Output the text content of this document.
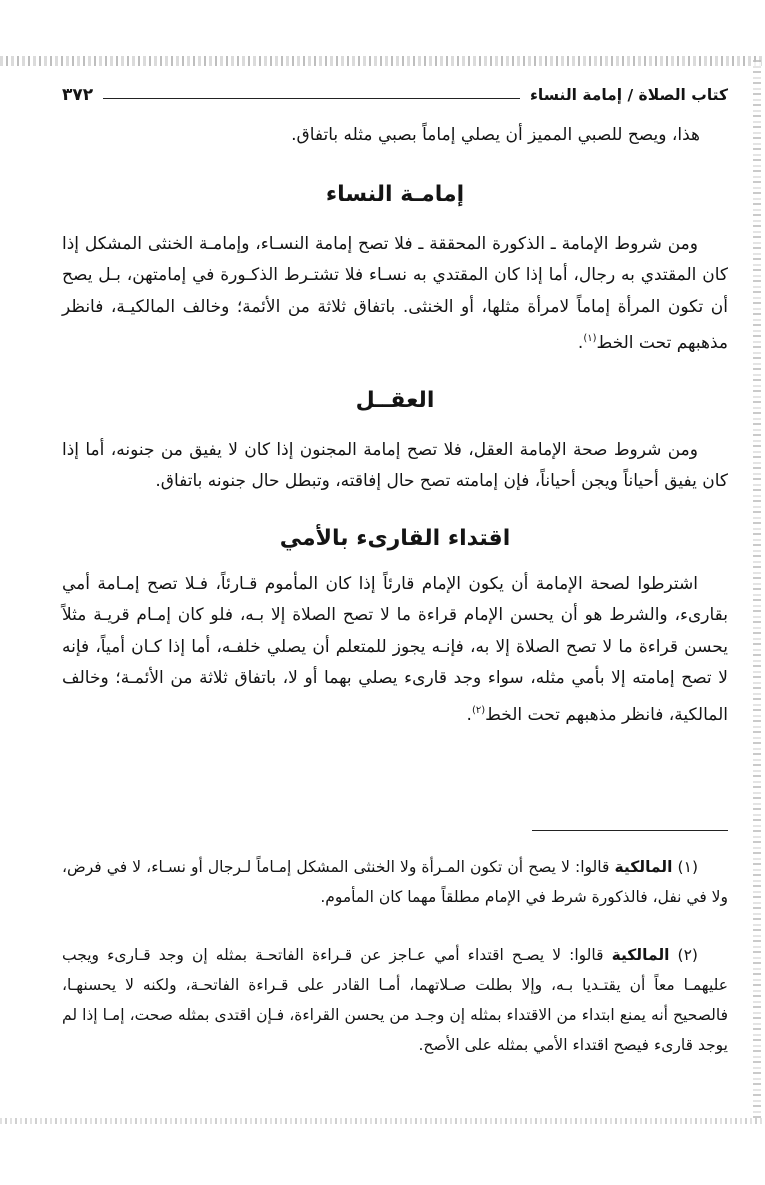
كتاب الصلاة / إمامة النساء
٣٧٢

هذا، ويصح للصبي المميز أن يصلي إماماً بصبي مثله باتفاق.

إمامـة النساء

ومن شروط الإمامة ـ الذكورة المحققة ـ فلا تصح إمامة النسـاء، وإمامـة الخنثى المشكل إذا كان المقتدي به رجال، أما إذا كان المقتدي به نسـاء فلا تشتـرط الذكـورة في إمامتهن، بـل يصح أن تكون المرأة إماماً لامرأة مثلها، أو الخنثى. باتفاق ثلاثة من الأئمة؛ وخالف المالكيـة، فانظر مذهبهم تحت الخط$^{(١)}$.

العقــل

ومن شروط صحة الإمامة العقل، فلا تصح إمامة المجنون إذا كان لا يفيق من جنونه، أما إذا كان يفيق أحياناً ويجن أحياناً، فإن إمامته تصح حال إفاقته، وتبطل حال جنونه باتفاق.

اقتداء القارىء بالأمي

اشترطوا لصحة الإمامة أن يكون الإمام قارئاً إذا كان المأموم قـارئاً، فـلا تصح إمـامة أمي بقارىء، والشرط هو أن يحسن الإمام قراءة ما لا تصح الصلاة إلا بـه، فلو كان إمـام قريـة مثلاً يحسن قراءة ما لا تصح الصلاة إلا به، فإنـه يجوز للمتعلم أن يصلي خلفـه، أما إذا كـان أمياً، فإنه لا تصح إمامته إلا بأمي مثله، سواء وجد قارىء يصلي بهما أو لا، باتفاق ثلاثة من الأئمـة؛ وخالف المالكية، فانظر مذهبهم تحت الخط$^{(٢)}$.

(١) المالكية قالوا: لا يصح أن تكون المـرأة ولا الخنثى المشكل إمـاماً لـرجال أو نسـاء، لا في فرض، ولا في نفل، فالذكورة شرط في الإمام مطلقاً مهما كان المأموم.

(٢) المالكية قالوا: لا يصـح اقتداء أمي عـاجز عن قـراءة الفاتحـة بمثله إن وجد قـارىء ويجب عليهمـا معاً أن يقتـديا بـه، وإلا بطلت صـلاتهما، أمـا القادر على قـراءة الفاتحـة، ولكنه لا يحسنهـا، فالصحيح أنه يمنع ابتداء من الاقتداء بمثله إن وجـد من يحسن القراءة، فـإن اقتدى بمثله صحت، إمـا إذا لم يوجد قارىء فيصح اقتداء الأمي بمثله على الأصح.
